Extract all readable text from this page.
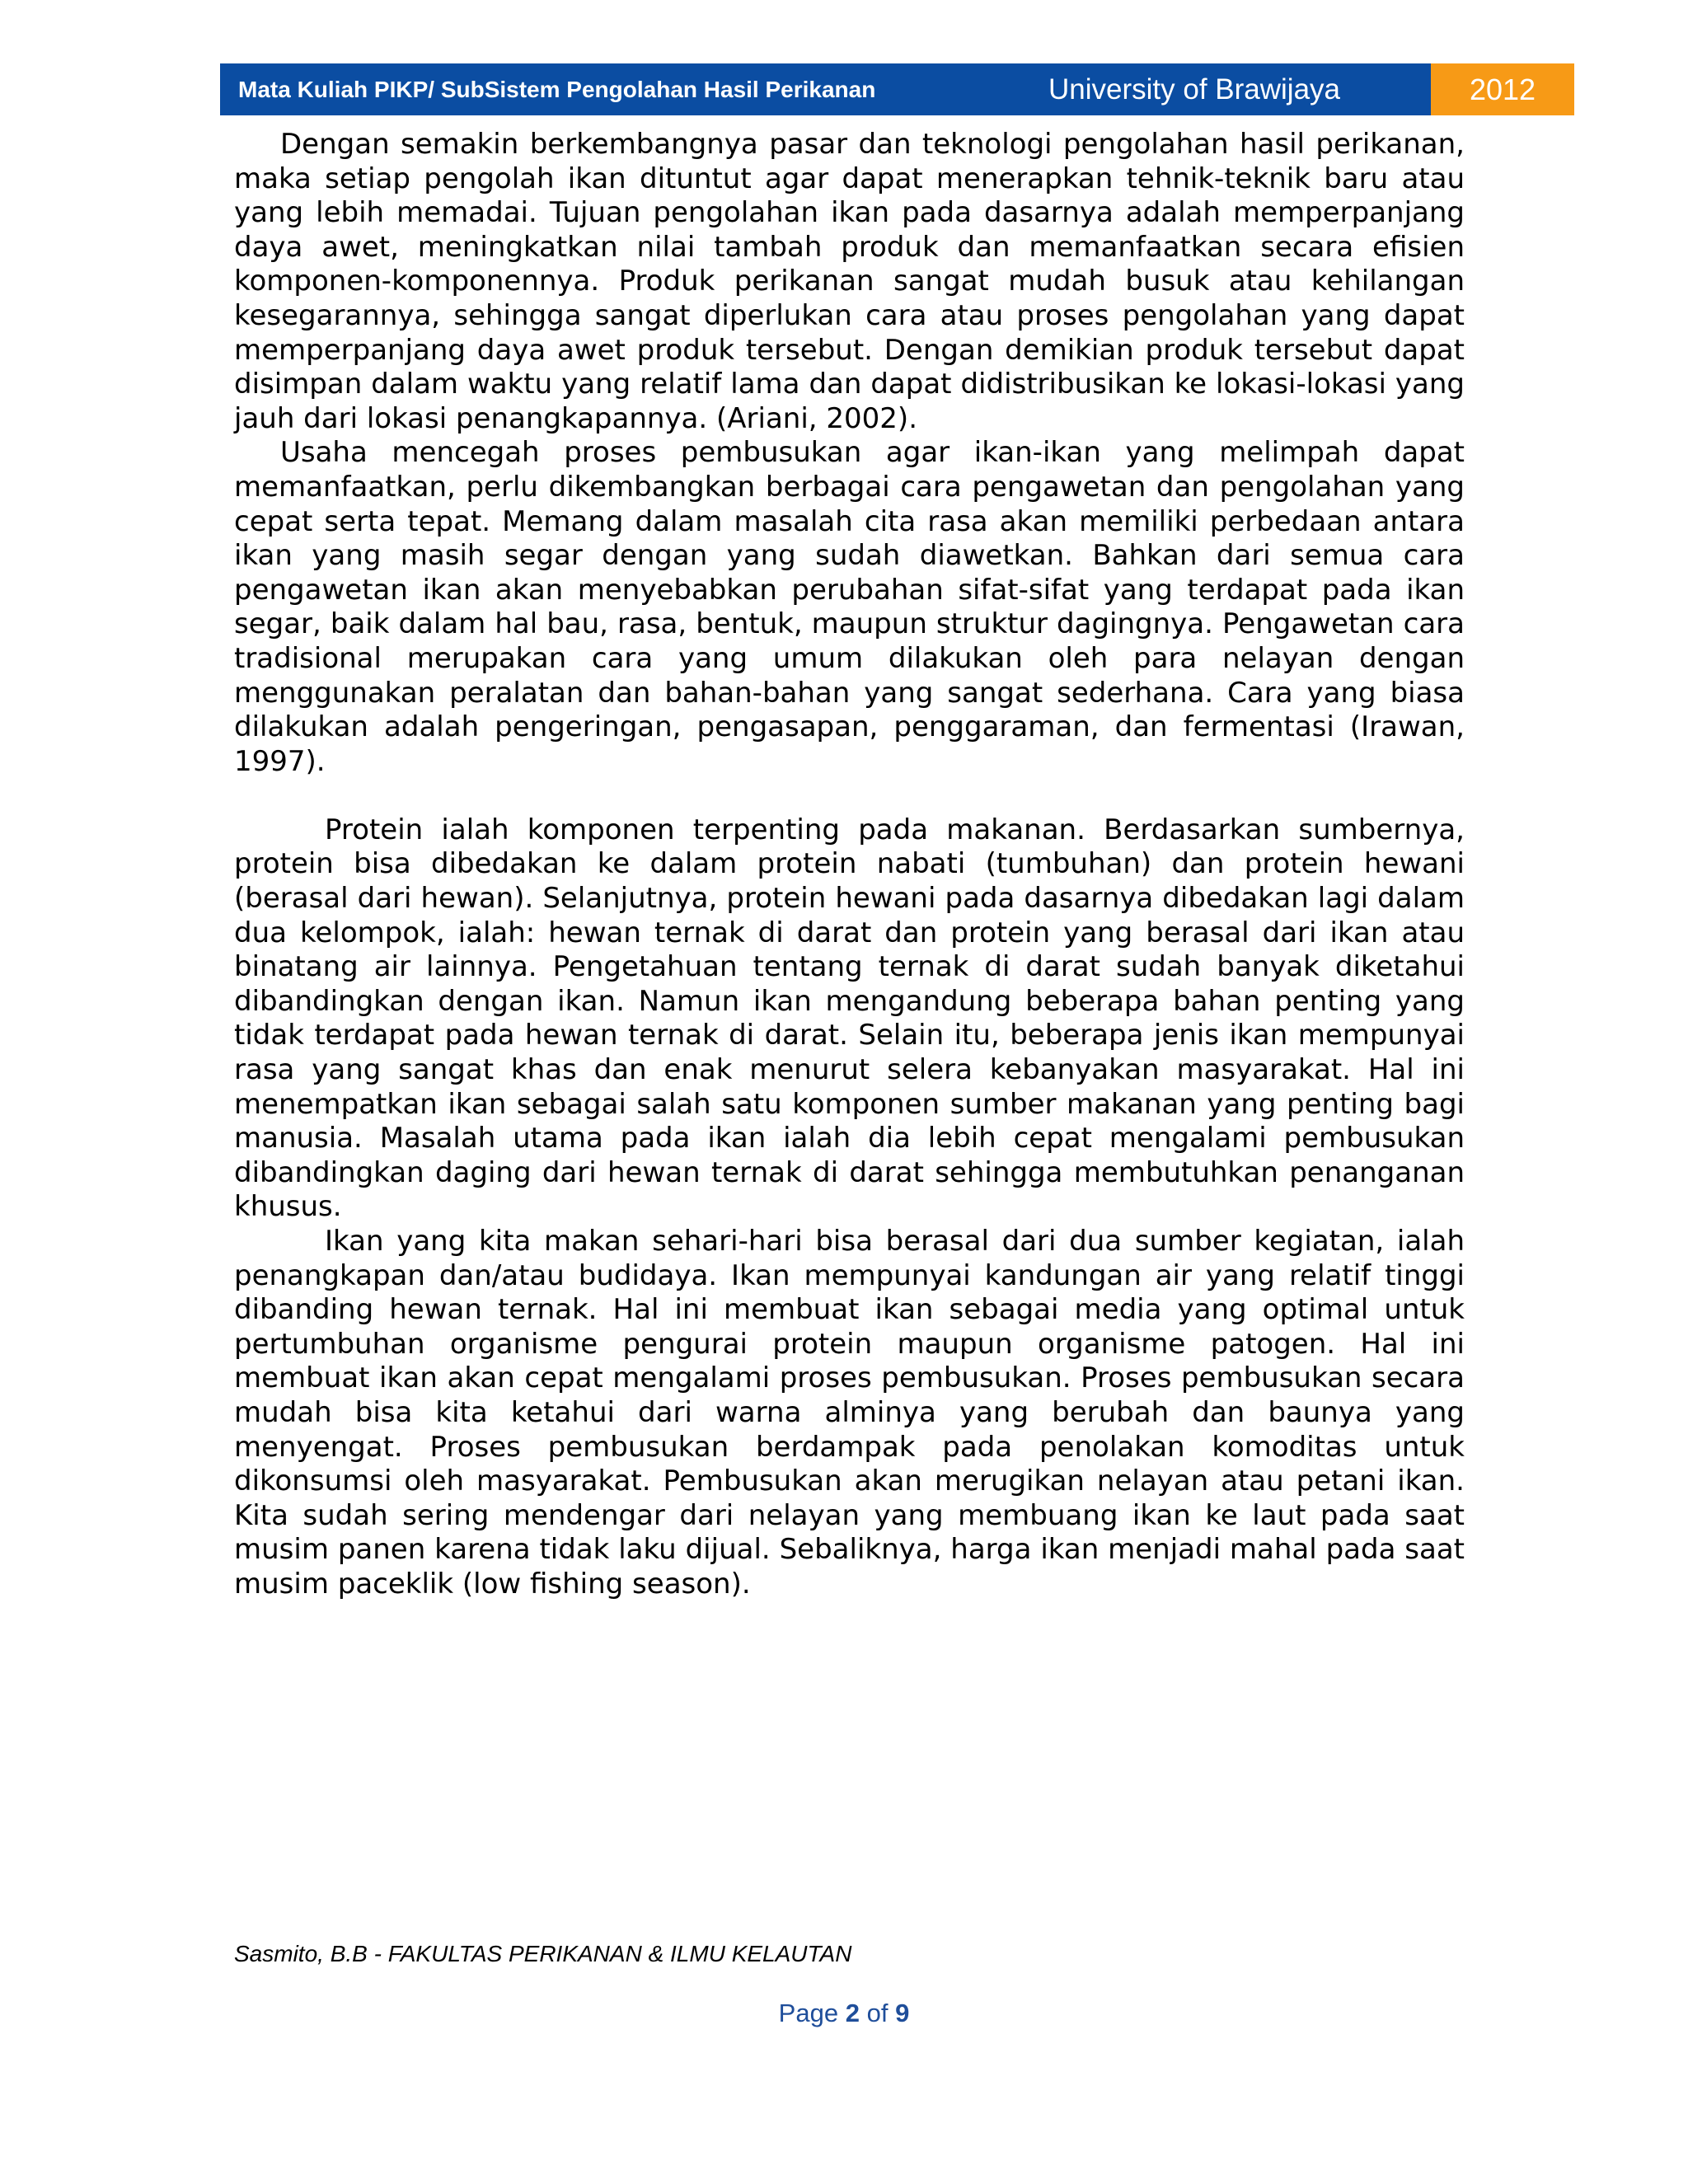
Mata Kuliah PIKP/ SubSistem Pengolahan Hasil Perikanan	University of Brawijaya	2012

Dengan semakin berkembangnya pasar dan teknologi pengolahan hasil perikanan, maka setiap pengolah ikan dituntut agar dapat menerapkan tehnik-teknik baru atau yang lebih memadai. Tujuan pengolahan ikan pada dasarnya adalah memperpanjang daya awet, meningkatkan nilai tambah produk dan memanfaatkan secara efisien komponen-komponennya. Produk perikanan sangat mudah busuk atau kehilangan kesegarannya, sehingga sangat diperlukan cara atau proses pengolahan yang dapat memperpanjang daya awet produk tersebut. Dengan demikian produk tersebut dapat disimpan dalam waktu yang relatif lama dan dapat didistribusikan ke lokasi-lokasi yang jauh dari lokasi penangkapannya. (Ariani, 2002).

Usaha mencegah proses pembusukan agar ikan-ikan yang melimpah dapat memanfaatkan, perlu dikembangkan berbagai cara pengawetan dan pengolahan yang cepat serta tepat. Memang dalam masalah cita rasa akan memiliki perbedaan antara ikan yang masih segar dengan yang sudah diawetkan. Bahkan dari semua cara pengawetan ikan akan menyebabkan perubahan sifat-sifat yang terdapat pada ikan segar, baik dalam hal bau, rasa, bentuk, maupun struktur dagingnya. Pengawetan cara tradisional merupakan cara yang umum dilakukan oleh para nelayan dengan menggunakan peralatan dan bahan-bahan yang sangat sederhana. Cara yang biasa dilakukan adalah pengeringan, pengasapan, penggaraman, dan fermentasi (Irawan, 1997).

Protein ialah komponen terpenting pada makanan. Berdasarkan sumbernya, protein bisa dibedakan ke dalam protein nabati (tumbuhan) dan protein hewani (berasal dari hewan). Selanjutnya, protein hewani pada dasarnya dibedakan lagi dalam dua kelompok, ialah: hewan ternak di darat dan protein yang berasal dari ikan atau binatang air lainnya. Pengetahuan tentang ternak di darat sudah banyak diketahui dibandingkan dengan ikan. Namun ikan mengandung beberapa bahan penting yang tidak terdapat pada hewan ternak di darat. Selain itu, beberapa jenis ikan mempunyai rasa yang sangat khas dan enak menurut selera kebanyakan masyarakat. Hal ini menempatkan ikan sebagai salah satu komponen sumber makanan yang penting bagi manusia. Masalah utama pada ikan ialah dia lebih cepat mengalami pembusukan dibandingkan daging dari hewan ternak di darat sehingga membutuhkan penanganan khusus.

Ikan yang kita makan sehari-hari bisa berasal dari dua sumber kegiatan, ialah penangkapan dan/atau budidaya. Ikan mempunyai kandungan air yang relatif tinggi dibanding hewan ternak. Hal ini membuat ikan sebagai media yang optimal untuk pertumbuhan organisme pengurai protein maupun organisme patogen. Hal ini membuat ikan akan cepat mengalami proses pembusukan. Proses pembusukan secara mudah bisa kita ketahui dari warna alminya yang berubah dan baunya yang menyengat. Proses pembusukan berdampak pada penolakan komoditas untuk dikonsumsi oleh masyarakat. Pembusukan akan merugikan nelayan atau petani ikan. Kita sudah sering mendengar dari nelayan yang membuang ikan ke laut pada saat musim panen karena tidak laku dijual. Sebaliknya, harga ikan menjadi mahal pada saat musim paceklik (low fishing season).

Sasmito, B.B - FAKULTAS PERIKANAN & ILMU KELAUTAN
Page 2 of 9
